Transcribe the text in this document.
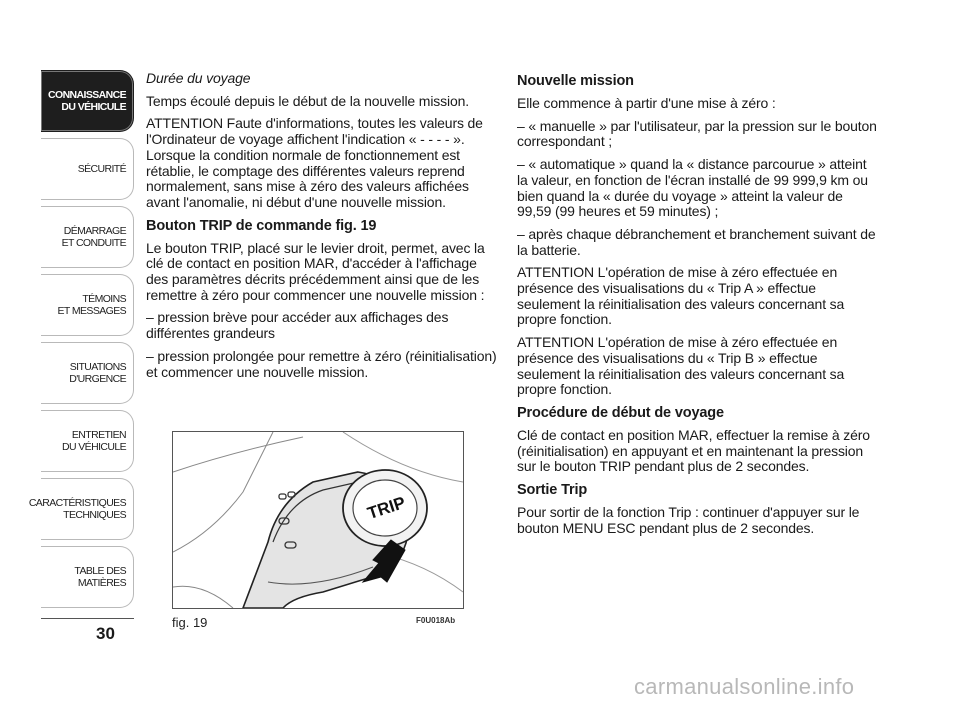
CONNAISSANCE
DU VÉHICULE
SÉCURITÉ
DÉMARRAGE
ET CONDUITE
TÉMOINS
ET MESSAGES
SITUATIONS
D'URGENCE
ENTRETIEN
DU VÉHICULE
CARACTÉRISTIQUES
TECHNIQUES
TABLE DES
MATIÈRES
30

Durée du voyage

Temps écoulé depuis le début de la nouvelle mission.

ATTENTION Faute d'informations, toutes les valeurs de l'Ordinateur de voyage affichent l'indication « - - - - ». Lorsque la condition normale de fonctionnement est rétablie, le comptage des différentes valeurs reprend normalement, sans mise à zéro des valeurs affichées avant l'anomalie, ni début d'une nouvelle mission.

Bouton TRIP de commande fig. 19

Le bouton TRIP, placé sur le levier droit, permet, avec la clé de contact en position MAR, d'accéder à l'affichage des paramètres décrits précédemment ainsi que de les remettre à zéro pour commencer une nouvelle mission :

– pression brève pour accéder aux affichages des différentes grandeurs

– pression prolongée pour remettre à zéro (réinitialisation) et commencer une nouvelle mission.

TRIP
fig. 19	F0U018Ab
Nouvelle mission

Elle commence à partir d'une mise à zéro :

– « manuelle » par l'utilisateur, par la pression sur le bouton correspondant ;

– « automatique » quand la « distance parcourue » atteint la valeur, en fonction de l'écran installé de 99 999,9 km ou bien quand la « durée du voyage » atteint la valeur de 99,59 (99 heures et 59 minutes) ;

– après chaque débranchement et branchement suivant de la batterie.

ATTENTION L'opération de mise à zéro effectuée en présence des visualisations du « Trip A » effectue seulement la réinitialisation des valeurs concernant sa propre fonction.

ATTENTION L'opération de mise à zéro effectuée en présence des visualisations du « Trip B » effectue seulement la réinitialisation des valeurs concernant sa propre fonction.

Procédure de début de voyage

Clé de contact en position MAR, effectuer la remise à zéro (réinitialisation) en appuyant et en maintenant la pression sur le bouton TRIP pendant plus de 2 secondes.

Sortie Trip

Pour sortir de la fonction Trip : continuer d'appuyer sur le bouton MENU ESC pendant plus de 2 secondes.

carmanualsonline.info
